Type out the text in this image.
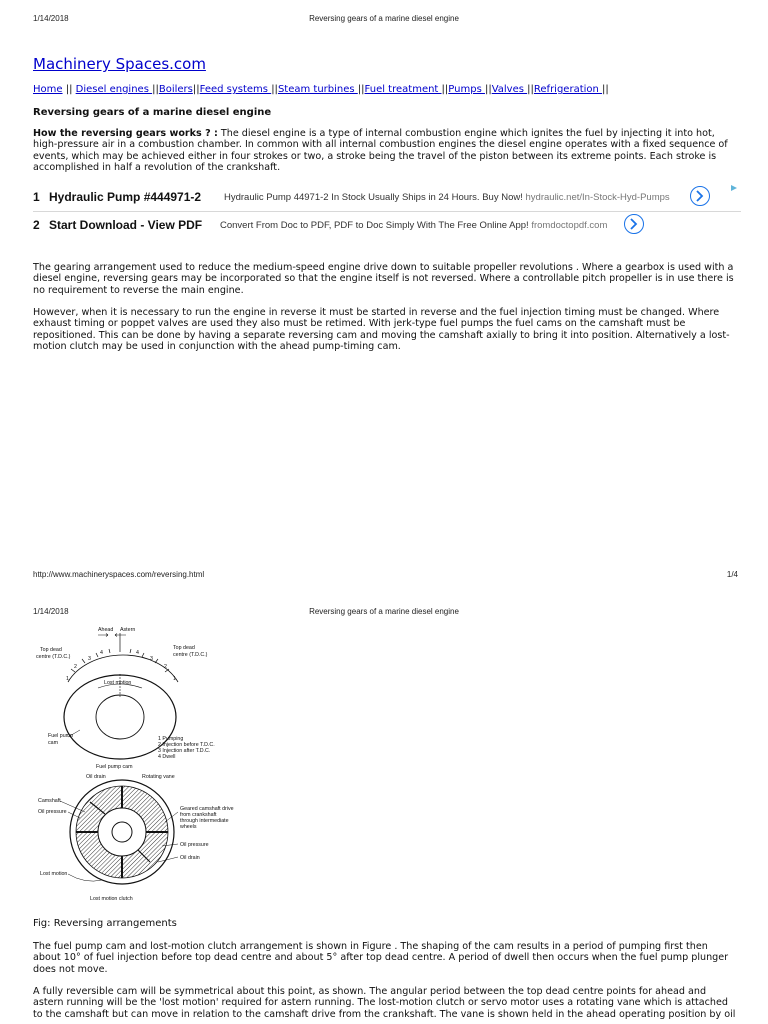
1/14/2018	Reversing gears of a marine diesel engine
Machinery Spaces.com
Home || Diesel engines ||Boilers||Feed systems ||Steam turbines ||Fuel treatment ||Pumps ||Valves ||Refrigeration ||
Reversing gears of a marine diesel engine
How the reversing gears works ? : The diesel engine is a type of internal combustion engine which ignites the fuel by injecting it into hot, high-pressure air in a combustion chamber. In common with all internal combustion engines the diesel engine operates with a fixed sequence of events, which may be achieved either in four strokes or two, a stroke being the travel of the piston between its extreme points. Each stroke is accomplished in half a revolution of the crankshaft.
1 Hydraulic Pump #444971-2 Hydraulic Pump 44971-2 In Stock Usually Ships in 24 Hours. Buy Now! hydraulic.net/In-Stock-Hyd-Pumps
2 Start Download - View PDF Convert From Doc to PDF, PDF to Doc Simply With The Free Online App! fromdoctopdf.com
The gearing arrangement used to reduce the medium-speed engine drive down to suitable propeller revolutions . Where a gearbox is used with a diesel engine, reversing gears may be incorporated so that the engine itself is not reversed. Where a controllable pitch propeller is in use there is no requirement to reverse the main engine.
However, when it is necessary to run the engine in reverse it must be started in reverse and the fuel injection timing must be changed. Where exhaust timing or poppet valves are used they also must be retimed. With jerk-type fuel pumps the fuel cams on the camshaft must be repositioned. This can be done by having a separate reversing cam and moving the camshaft axially to bring it into position. Alternatively a lost-motion clutch may be used in conjunction with the ahead pump-timing cam.
http://www.machineryspaces.com/reversing.html	1/4
1/14/2018	Reversing gears of a marine diesel engine
Ahead Astern
Top dead
centre (T.D.C.)
Top dead
centre (T.D.C.)
3
4	4
3
2	2
1	1
Lost motion
Fuel pump
cam
Fuel pump cam
1 Pumping
2 Injection before T.D.C.
3 Injection after T.D.C.
4 Dwell
Oil drain	Rotating vane
Camshaft
Oil pressure	Geared camshaft drive
from crankshaft
through intermediate
wheels
Oil pressure
Oil drain
Lost motion
Lost motion clutch
Fig: Reversing arrangements
The fuel pump cam and lost-motion clutch arrangement is shown in Figure . The shaping of the cam results in a period of pumping first then about 10° of fuel injection before top dead centre and about 5° after top dead centre. A period of dwell then occurs when the fuel pump plunger does not move.
A fully reversible cam will be symmetrical about this point, as shown. The angular period between the top dead centre points for ahead and astern running will be the 'lost motion' required for astern running. The lost-motion clutch or servo motor uses a rotating vane which is attached to the camshaft but can move in relation to the camshaft drive from the crankshaft. The vane is shown held in the ahead operating position by oil
